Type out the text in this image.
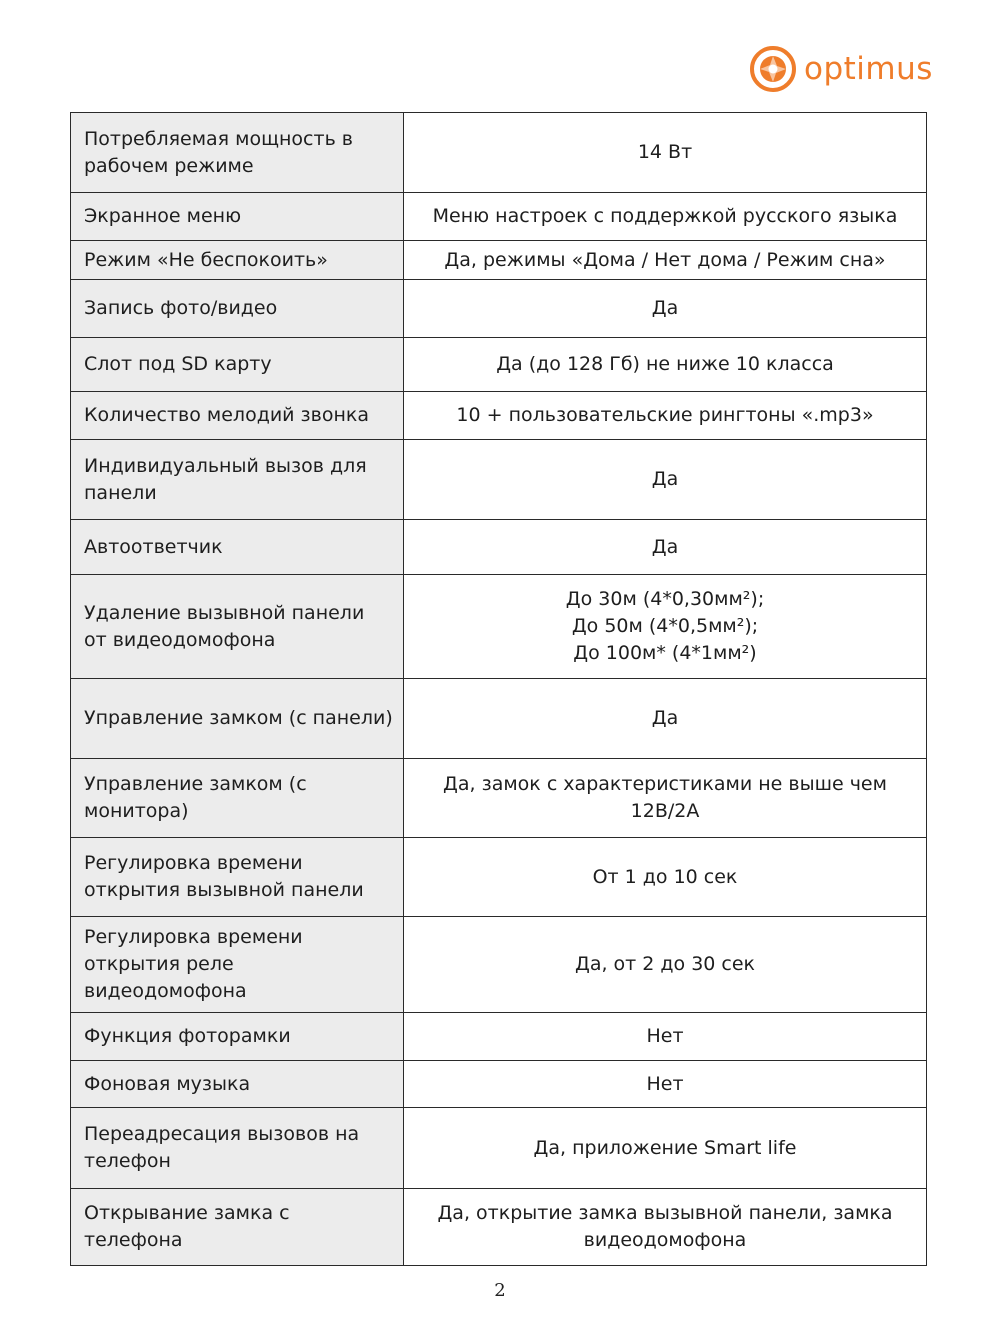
optimus
Потребляемая мощность в рабочем режиме	14 Вт
Экранное меню	Меню настроек с поддержкой русского языка
Режим «Не беспокоить»	Да, режимы «Дома / Нет дома / Режим сна»
Запись фото/видео	Да
Слот под SD карту	Да (до 128 Гб) не ниже 10 класса
Количество мелодий звонка	10 + пользовательские рингтоны «.mp3»
Индивидуальный вызов для панели	Да
Автоответчик	Да
Удаление вызывной панели от видеодомофона	До 30м (4*0,30мм²);
До 50м (4*0,5мм²);
До 100м* (4*1мм²)
Управление замком (с панели)	Да
Управление замком (с монитора)	Да, замок с характеристиками не выше чем 12В/2А
Регулировка времени открытия вызывной панели	От 1 до 10 сек
Регулировка времени открытия реле видеодомофона	Да, от 2 до 30 сек
Функция фоторамки	Нет
Фоновая музыка	Нет
Переадресация вызовов на телефон	Да, приложение Smart life
Открывание замка с телефона	Да, открытие замка вызывной панели, замка видеодомофона
2
